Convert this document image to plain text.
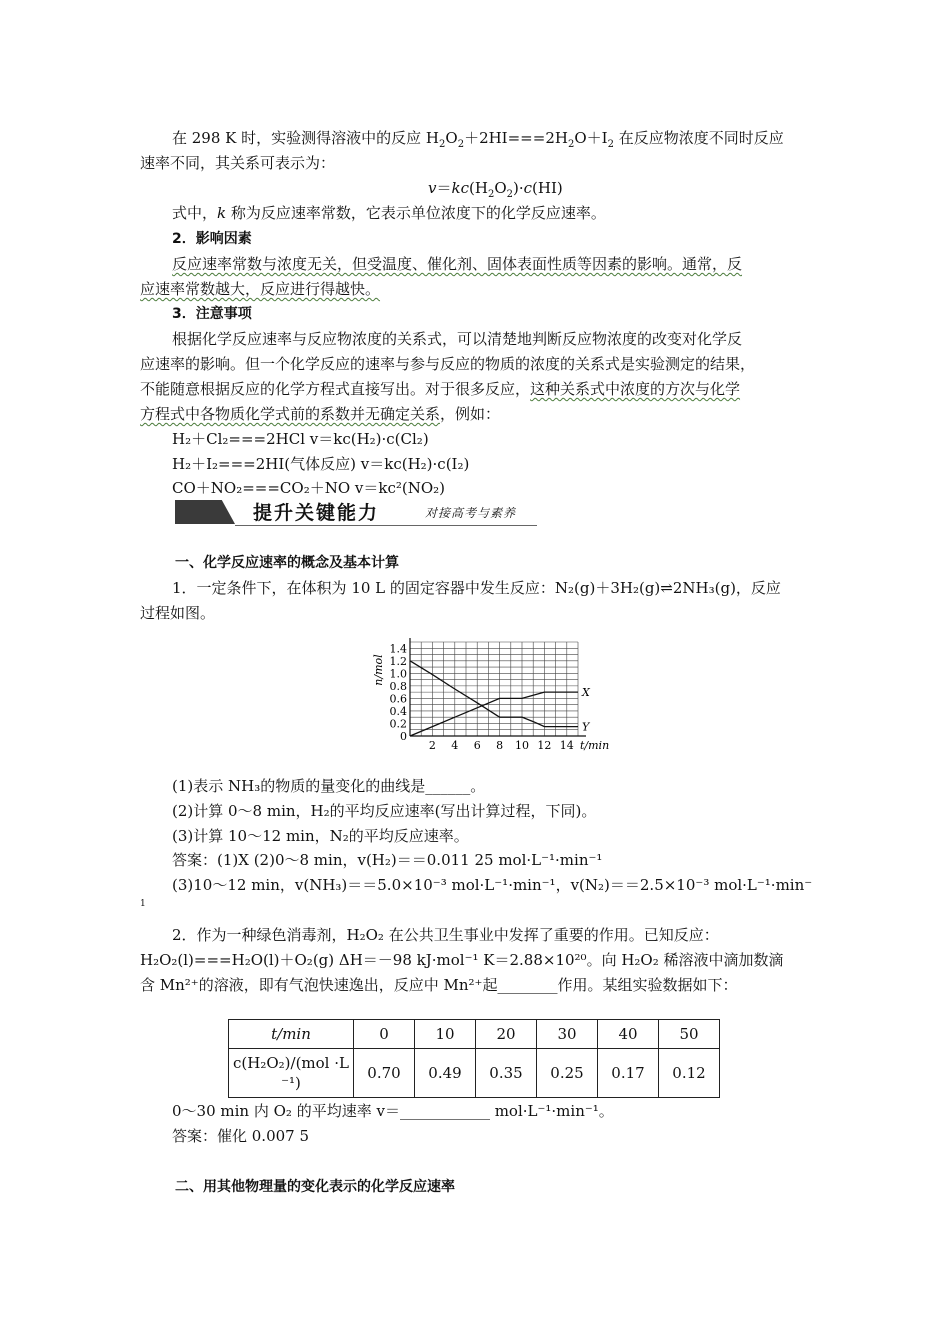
在 298 K 时，实验测得溶液中的反应 $H_2O_2+2HI===2H_2O+I_2$ 在反应物浓度不同时反应
速率不同，其关系可表示为：
$v=kc(H_2O_2)\cdot c(HI)$
式中，k 称为反应速率常数，它表示单位浓度下的化学反应速率。
2．影响因素
反应速率常数与浓度无关，但受温度、催化剂、固体表面性质等因素的影响。通常，反
应速率常数越大，反应进行得越快。
3．注意事项
根据化学反应速率与反应物浓度的关系式，可以清楚地判断反应物浓度的改变对化学反
应速率的影响。但一个化学反应的速率与参与反应的物质的浓度的关系式是实验测定的结果，
不能随意根据反应的化学方程式直接写出。对于很多反应，这种关系式中浓度的方次与化学
方程式中各物质化学式前的系数并无确定关系，例如：
H₂＋Cl₂===2HCl v＝kc(H₂)·c(Cl₂)
H₂＋I₂===2HI(气体反应) v＝kc(H₂)·c(I₂)
CO＋NO₂===CO₂＋NO v＝kc²(NO₂)
提升关键能力	对接高考与素养
一、化学反应速率的概念及基本计算
1．一定条件下，在体积为 10 L 的固定容器中发生反应：N₂(g)＋3H₂(g)⇌2NH₃(g)，反应
过程如图。
2 4 6 8 10 12 14
0.2
0.4
0.6
0.8
1.0
1.2
1.4
0
t/min
n/mol
X
Y
(1)表示 NH₃的物质的量变化的曲线是______。
(2)计算 0～8 min，H₂的平均反应速率(写出计算过程，下同)。
(3)计算 10～12 min，N₂的平均反应速率。
答案：(1)X (2)0～8 min，v(H₂)＝＝0.011 25 mol·L⁻¹·min⁻¹
(3)10～12 min，v(NH₃)＝＝5.0×10⁻³ mol·L⁻¹·min⁻¹，v(N₂)＝＝2.5×10⁻³ mol·L⁻¹·min⁻
1
2．作为一种绿色消毒剂，H₂O₂ 在公共卫生事业中发挥了重要的作用。已知反应：
H₂O₂(l)===H₂O(l)＋O₂(g) ΔH＝－98 kJ·mol⁻¹ K＝2.88×10²⁰。向 H₂O₂ 稀溶液中滴加数滴
含 Mn²⁺的溶液，即有气泡快速逸出，反应中 Mn²⁺起________作用。某组实验数据如下：
t/min	0	10	20	30	40	50
c(H₂O₂)/(mol ·L
⁻¹)	0.70	0.49	0.35	0.25	0.17	0.12
0～30 min 内 O₂ 的平均速率 v＝____________ mol·L⁻¹·min⁻¹。
答案：催化 0.007 5
二、用其他物理量的变化表示的化学反应速率
